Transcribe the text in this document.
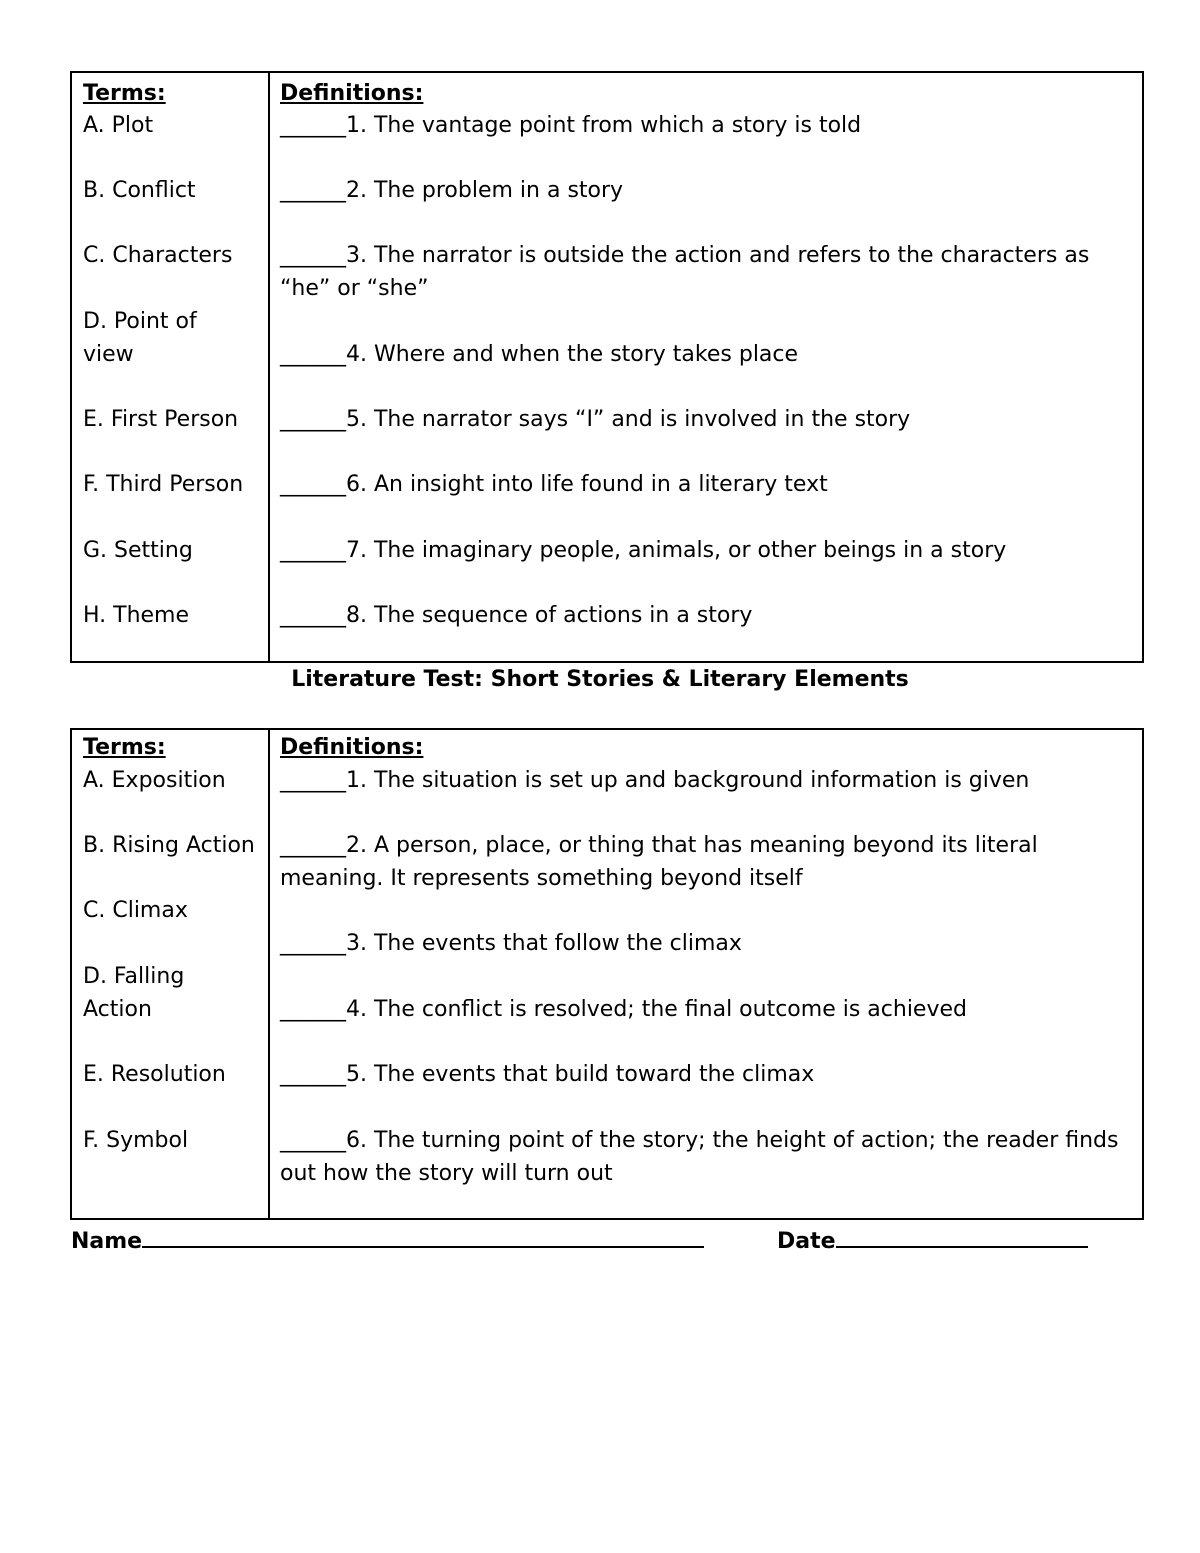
Terms:
A. Plot
B. Conflict
C. Characters
D. Point of
view
E. First Person
F. Third Person
G. Setting
H. Theme
Definitions:
______1. The vantage point from which a story is told
______2. The problem in a story
______3. The narrator is outside the action and refers to the characters as “he” or “she”
______4. Where and when the story takes place
______5. The narrator says “I” and is involved in the story
______6. An insight into life found in a literary text
______7. The imaginary people, animals, or other beings in a story
______8. The sequence of actions in a story
Literature Test: Short Stories & Literary Elements
Terms:
A. Exposition
B. Rising Action
C. Climax
D. Falling
Action
E. Resolution
F. Symbol
Definitions:
______1. The situation is set up and background information is given
______2. A person, place, or thing that has meaning beyond its literal meaning. It represents something beyond itself
______3. The events that follow the climax
______4. The conflict is resolved; the final outcome is achieved
______5. The events that build toward the climax
______6. The turning point of the story; the height of action; the reader finds out how the story will turn out
Name	Date
